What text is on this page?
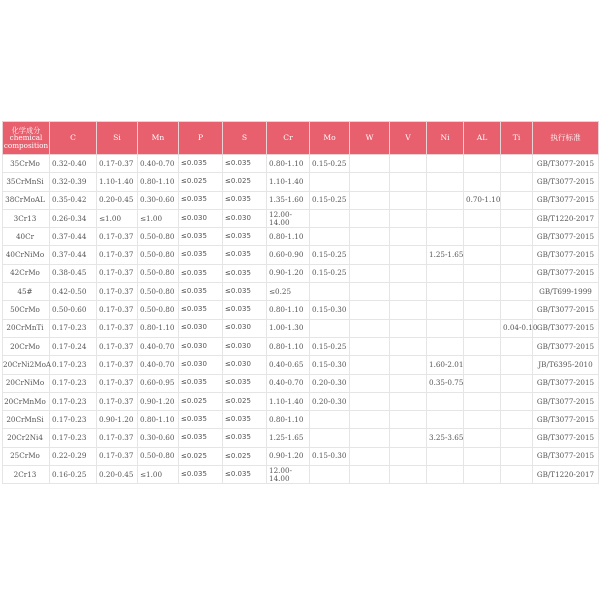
化学成分
chemical composition	C	Si	Mn	P	S	Cr	Mo	W	V	Ni	AL	Ti	执行标准
35CrMo	0.32-0.40	0.17-0.37	0.40-0.70	≤0.035	≤0.035	0.80-1.10	0.15-0.25						GB/T3077-2015
35CrMnSi	0.32-0.39	1.10-1.40	0.80-1.10	≤0.025	≤0.025	1.10-1.40							GB/T3077-2015
38CrMoAL	0.35-0.42	0.20-0.45	0.30-0.60	≤0.035	≤0.035	1.35-1.60	0.15-0.25				0.70-1.10		GB/T3077-2015
3Cr13	0.26-0.34	≤1.00	≤1.00	≤0.030	≤0.030	12.00-14.00							GB/T1220-2017
40Cr	0.37-0.44	0.17-0.37	0.50-0.80	≤0.035	≤0.035	0.80-1.10							GB/T3077-2015
40CrNiMo	0.37-0.44	0.17-0.37	0.50-0.80	≤0.035	≤0.035	0.60-0.90	0.15-0.25			1.25-1.65			GB/T3077-2015
42CrMo	0.38-0.45	0.17-0.37	0.50-0.80	≤0.035	≤0.035	0.90-1.20	0.15-0.25						GB/T3077-2015
45#	0.42-0.50	0.17-0.37	0.50-0.80	≤0.035	≤0.035	≤0.25							GB/T699-1999
50CrMo	0.50-0.60	0.17-0.37	0.50-0.80	≤0.035	≤0.035	0.80-1.10	0.15-0.30						GB/T3077-2015
20CrMnTi	0.17-0.23	0.17-0.37	0.80-1.10	≤0.030	≤0.030	1.00-1.30						0.04-0.10	GB/T3077-2015
20CrMo	0.17-0.24	0.17-0.37	0.40-0.70	≤0.030	≤0.030	0.80-1.10	0.15-0.25						GB/T3077-2015
20CrNi2MoA	0.17-0.23	0.17-0.37	0.40-0.70	≤0.030	≤0.030	0.40-0.65	0.15-0.30			1.60-2.01			JB/T6395-2010
20CrNiMo	0.17-0.23	0.17-0.37	0.60-0.95	≤0.035	≤0.035	0.40-0.70	0.20-0.30			0.35-0.75			GB/T3077-2015
20CrMnMo	0.17-0.23	0.17-0.37	0.90-1.20	≤0.025	≤0.025	1.10-1.40	0.20-0.30						GB/T3077-2015
20CrMnSi	0.17-0.23	0.90-1.20	0.80-1.10	≤0.035	≤0.035	0.80-1.10							GB/T3077-2015
20Cr2Ni4	0.17-0.23	0.17-0.37	0.30-0.60	≤0.035	≤0.035	1.25-1.65				3.25-3.65			GB/T3077-2015
25CrMo	0.22-0.29	0.17-0.37	0.50-0.80	≤0.025	≤0.025	0.90-1.20	0.15-0.30						GB/T3077-2015
2Cr13	0.16-0.25	0.20-0.45	≤1.00	≤0.035	≤0.035	12.00-14.00							GB/T1220-2017
